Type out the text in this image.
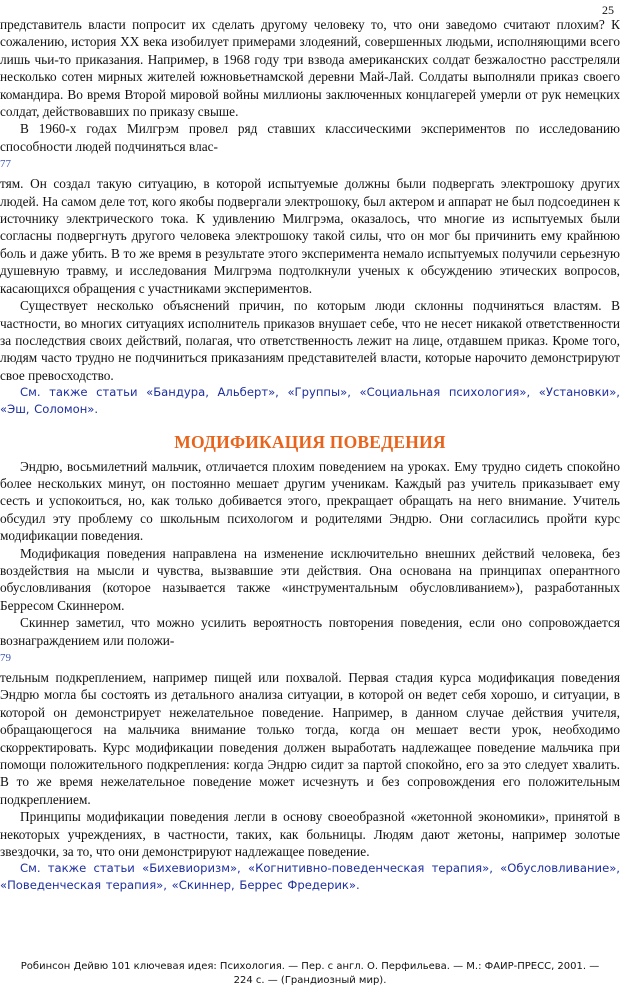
25

представитель власти попросит их сделать другому человеку то, что они заведомо считают плохим? К сожалению, история XX века изобилует примерами злодеяний, совершенных людьми, исполняющими всего лишь чьи-то приказания. Например, в 1968 году три взвода американских солдат безжалостно расстреляли несколько сотен мирных жителей южновьетнамской деревни Май-Лай. Солдаты выполняли приказ своего командира. Во время Второй мировой войны миллионы заключенных концлагерей умерли от рук немецких солдат, действовавших по приказу свыше.

В 1960-х годах Милгрэм провел ряд ставших классическими экспериментов по исследованию способности людей подчиняться влас-

77

тям. Он создал такую ситуацию, в которой испытуемые должны были подвергать электрошоку других людей. На самом деле тот, кого якобы подвергали электрошоку, был актером и аппарат не был подсоединен к источнику электрического тока. К удивлению Милгрэма, оказалось, что многие из испытуемых были согласны подвергнуть другого человека электрошоку такой силы, что он мог бы причинить ему крайнюю боль и даже убить. В то же время в результате этого эксперимента немало испытуемых получили серьезную душевную травму, и исследования Милгрэма подтолкнули ученых к обсуждению этических вопросов, касающихся обращения с участниками экспериментов.

Существует несколько объяснений причин, по которым люди склонны подчиняться властям. В частности, во многих ситуациях исполнитель приказов внушает себе, что не несет никакой ответственности за последствия своих действий, полагая, что ответственность лежит на лице, отдавшем приказ. Кроме того, людям часто трудно не подчиниться приказаниям представителей власти, которые нарочито демонстрируют свое превосходство.

См. также статьи «Бандура, Альберт», «Группы», «Социальная психология», «Установки», «Эш, Соломон».

МОДИФИКАЦИЯ ПОВЕДЕНИЯ

Эндрю, восьмилетний мальчик, отличается плохим поведением на уроках. Ему трудно сидеть спокойно более нескольких минут, он постоянно мешает другим ученикам. Каждый раз учитель приказывает ему сесть и успокоиться, но, как только добивается этого, прекращает обращать на него внимание. Учитель обсудил эту проблему со школьным психологом и родителями Эндрю. Они согласились пройти курс модификации поведения.

Модификация поведения направлена на изменение исключительно внешних действий человека, без воздействия на мысли и чувства, вызвавшие эти действия. Она основана на принципах оперантного обусловливания (которое называется также «инструментальным обусловливанием»), разработанных Берресом Скиннером.

Скиннер заметил, что можно усилить вероятность повторения поведения, если оно сопровождается вознаграждением или положи-

79

тельным подкреплением, например пищей или похвалой. Первая стадия курса модификация поведения Эндрю могла бы состоять из детального анализа ситуации, в которой он ведет себя хорошо, и ситуации, в которой он демонстрирует нежелательное поведение. Например, в данном случае действия учителя, обращающегося на мальчика внимание только тогда, когда он мешает вести урок, необходимо скорректировать. Курс модификации поведения должен выработать надлежащее поведение мальчика при помощи положительного подкрепления: когда Эндрю сидит за партой спокойно, его за это следует хвалить. В то же время нежелательное поведение может исчезнуть и без сопровождения его положительным подкреплением.

Принципы модификации поведения легли в основу своеобразной «жетонной экономики», принятой в некоторых учреждениях, в частности, таких, как больницы. Людям дают жетоны, например золотые звездочки, за то, что они демонстрируют надлежащее поведение.

См. также статьи «Бихевиоризм», «Когнитивно-поведенческая терапия», «Обусловливание», «Поведенческая терапия», «Скиннер, Беррес Фредерик».

Робинсон Дейвю 101 ключевая идея: Психология. — Пер. с англ. О. Перфильева. — М.: ФАИР-ПРЕСС, 2001. —
224 с. — (Грандиозный мир).
